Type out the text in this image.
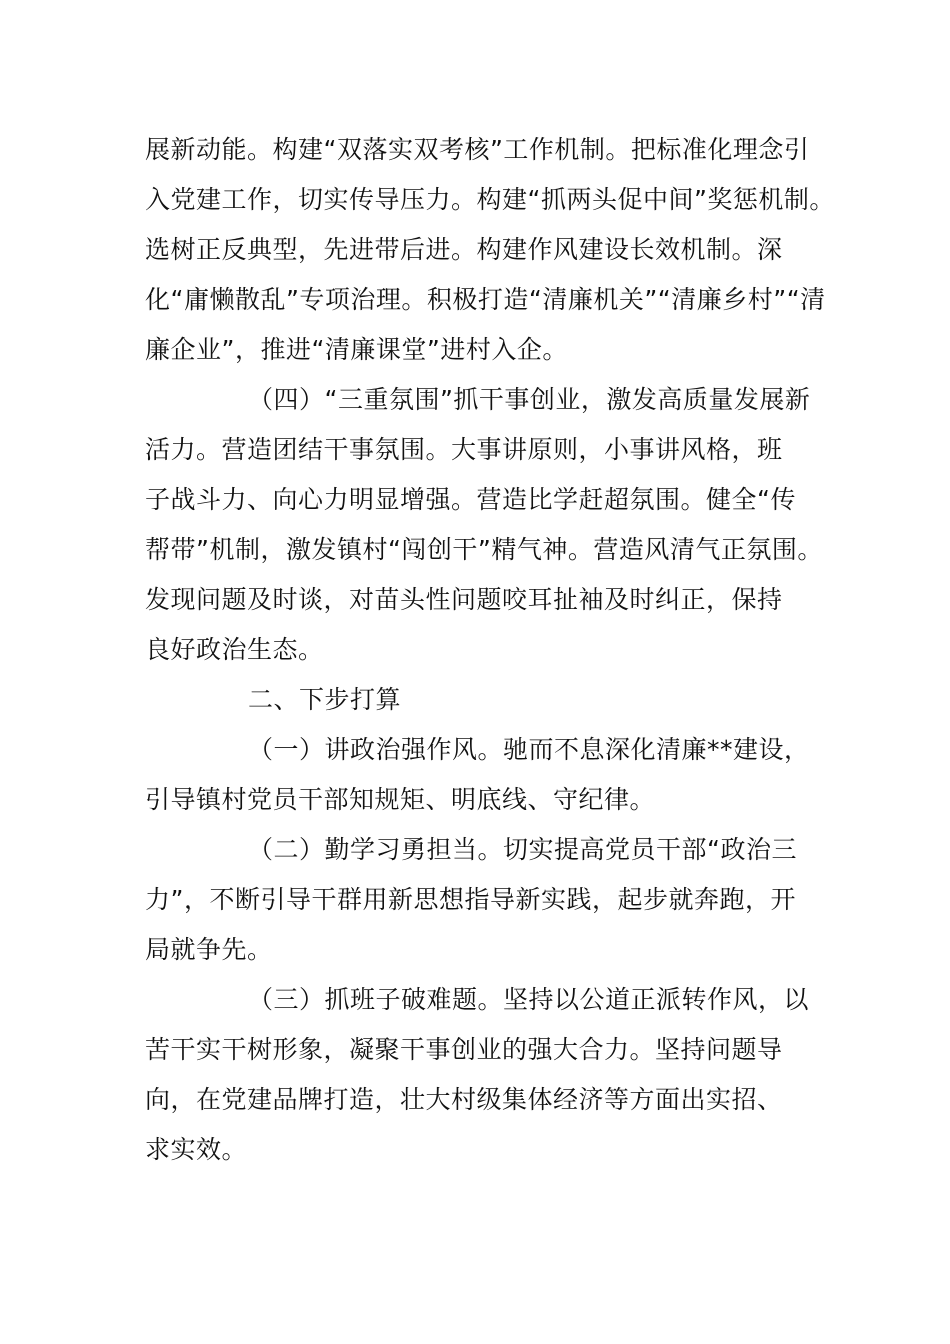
展新动能。构建“双落实双考核”工作机制。把标准化理念引
入党建工作，切实传导压力。构建“抓两头促中间”奖惩机制。
选树正反典型，先进带后进。构建作风建设长效机制。深
化“庸懒散乱”专项治理。积极打造“清廉机关”“清廉乡村”“清
廉企业”，推进“清廉课堂”进村入企。
（四）“三重氛围”抓干事创业，激发高质量发展新
活力。营造团结干事氛围。大事讲原则，小事讲风格，班
子战斗力、向心力明显增强。营造比学赶超氛围。健全“传
帮带”机制，激发镇村“闯创干”精气神。营造风清气正氛围。
发现问题及时谈，对苗头性问题咬耳扯袖及时纠正，保持
良好政治生态。
二、下步打算
（一）讲政治强作风。驰而不息深化清廉**建设，
引导镇村党员干部知规矩、明底线、守纪律。
（二）勤学习勇担当。切实提高党员干部“政治三
力”，不断引导干群用新思想指导新实践，起步就奔跑，开
局就争先。
（三）抓班子破难题。坚持以公道正派转作风，以
苦干实干树形象，凝聚干事创业的强大合力。坚持问题导
向，在党建品牌打造，壮大村级集体经济等方面出实招、
求实效。
